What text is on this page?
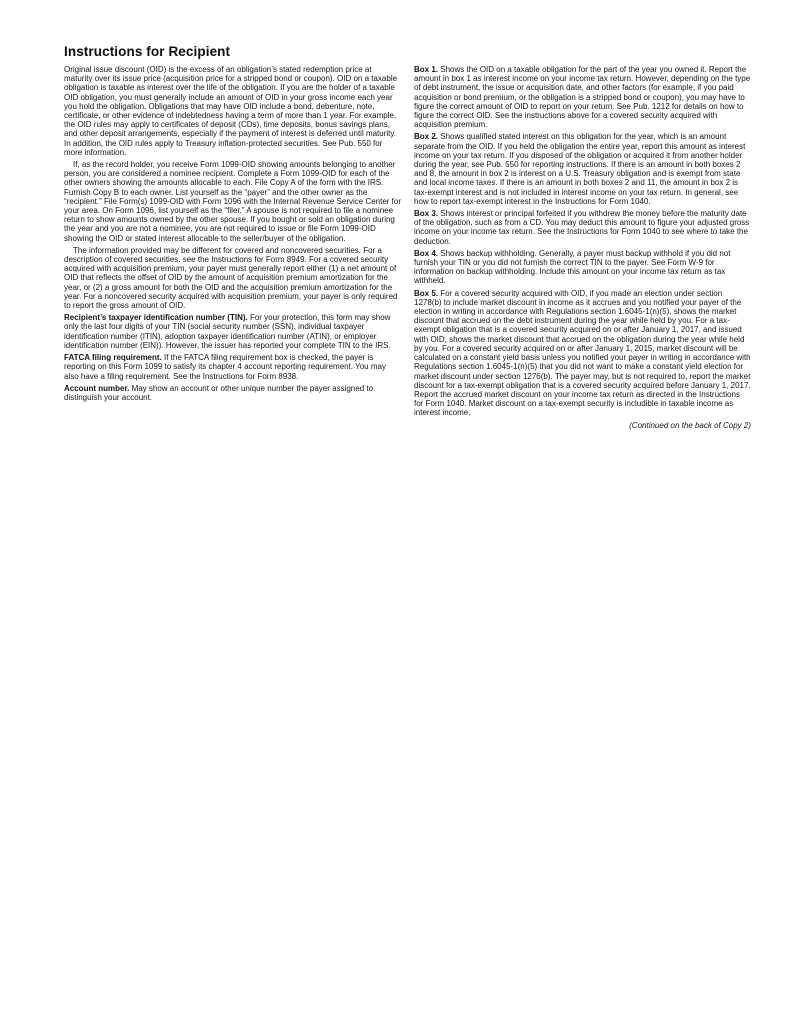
Instructions for Recipient

Original issue discount (OID) is the excess of an obligation’s stated redemption price at maturity over its issue price (acquisition price for a stripped bond or coupon). OID on a taxable obligation is taxable as interest over the life of the obligation. If you are the holder of a taxable OID obligation, you must generally include an amount of OID in your gross income each year you hold the obligation. Obligations that may have OID include a bond, debenture, note, certificate, or other evidence of indebtedness having a term of more than 1 year. For example, the OID rules may apply to certificates of deposit (CDs), time deposits, bonus savings plans, and other deposit arrangements, especially if the payment of interest is deferred until maturity. In addition, the OID rules apply to Treasury inflation-protected securities. See Pub. 550 for more information.

If, as the record holder, you receive Form 1099-OID showing amounts belonging to another person, you are considered a nominee recipient. Complete a Form 1099-OID for each of the other owners showing the amounts allocable to each. File Copy A of the form with the IRS. Furnish Copy B to each owner. List yourself as the “payer” and the other owner as the “recipient.” File Form(s) 1099-OID with Form 1096 with the Internal Revenue Service Center for your area. On Form 1096, list yourself as the “filer.” A spouse is not required to file a nominee return to show amounts owned by the other spouse. If you bought or sold an obligation during the year and you are not a nominee, you are not required to issue or file Form 1099-OID showing the OID or stated interest allocable to the seller/buyer of the obligation.

The information provided may be different for covered and noncovered securities. For a description of covered securities, see the Instructions for Form 8949. For a covered security acquired with acquisition premium, your payer must generally report either (1) a net amount of OID that reflects the offset of OID by the amount of acquisition premium amortization for the year, or (2) a gross amount for both the OID and the acquisition premium amortization for the year. For a noncovered security acquired with acquisition premium, your payer is only required to report the gross amount of OID.

Recipient’s taxpayer identification number (TIN). For your protection, this form may show only the last four digits of your TIN (social security number (SSN), individual taxpayer identification number (ITIN), adoption taxpayer identification number (ATIN), or employer identification number (EIN)). However, the issuer has reported your complete TIN to the IRS.

FATCA filing requirement. If the FATCA filing requirement box is checked, the payer is reporting on this Form 1099 to satisfy its chapter 4 account reporting requirement. You may also have a filing requirement. See the Instructions for Form 8938.

Account number. May show an account or other unique number the payer assigned to distinguish your account.

Box 1. Shows the OID on a taxable obligation for the part of the year you owned it. Report the amount in box 1 as interest income on your income tax return. However, depending on the type of debt instrument, the issue or acquisition date, and other factors (for example, if you paid acquisition or bond premium, or the obligation is a stripped bond or coupon), you may have to figure the correct amount of OID to report on your return. See Pub. 1212 for details on how to figure the correct OID. See the instructions above for a covered security acquired with acquisition premium.

Box 2. Shows qualified stated interest on this obligation for the year, which is an amount separate from the OID. If you held the obligation the entire year, report this amount as interest income on your tax return. If you disposed of the obligation or acquired it from another holder during the year, see Pub. 550 for reporting instructions. If there is an amount in both boxes 2 and 8, the amount in box 2 is interest on a U.S. Treasury obligation and is exempt from state and local income taxes. If there is an amount in both boxes 2 and 11, the amount in box 2 is tax-exempt interest and is not included in interest income on your tax return. In general, see how to report tax-exempt interest in the Instructions for Form 1040.

Box 3. Shows interest or principal forfeited if you withdrew the money before the maturity date of the obligation, such as from a CD. You may deduct this amount to figure your adjusted gross income on your income tax return. See the Instructions for Form 1040 to see where to take the deduction.

Box 4. Shows backup withholding. Generally, a payer must backup withhold if you did not furnish your TIN or you did not furnish the correct TIN to the payer. See Form W-9 for information on backup withholding. Include this amount on your income tax return as tax withheld.

Box 5. For a covered security acquired with OID, if you made an election under section 1278(b) to include market discount in income as it accrues and you notified your payer of the election in writing in accordance with Regulations section 1.6045-1(n)(5), shows the market discount that accrued on the debt instrument during the year while held by you. For a tax-exempt obligation that is a covered security acquired on or after January 1, 2017, and issued with OID, shows the market discount that accrued on the obligation during the year while held by you. For a covered security acquired on or after January 1, 2015, market discount will be calculated on a constant yield basis unless you notified your payer in writing in accordance with Regulations section 1.6045-1(n)(5) that you did not want to make a constant yield election for market discount under section 1276(b). The payer may, but is not required to, report the market discount for a tax-exempt obligation that is a covered security acquired before January 1, 2017. Report the accrued market discount on your income tax return as directed in the Instructions for Form 1040. Market discount on a tax-exempt security is includible in taxable income as interest income.

(Continued on the back of Copy 2)
